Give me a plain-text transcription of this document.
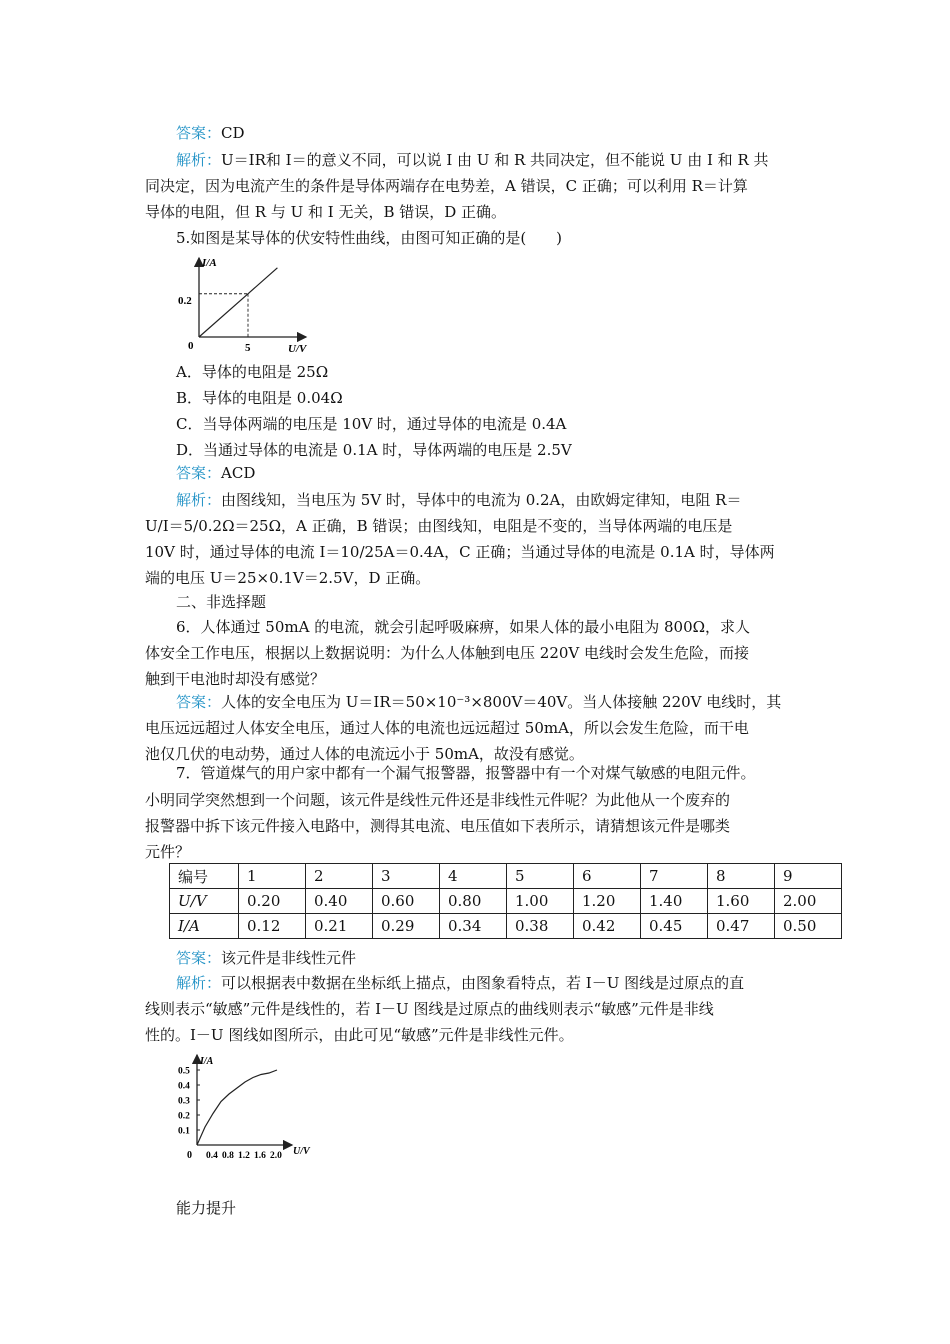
答案：CD
解析：U＝IR和 I＝的意义不同，可以说 I 由 U 和 R 共同决定，但不能说 U 由 I 和 R 共
同决定，因为电流产生的条件是导体两端存在电势差，A 错误，C 正确；可以利用 R＝计算
导体的电阻，但 R 与 U 和 I 无关，B 错误，D 正确。
5.如图是某导体的伏安特性曲线，由图可知正确的是(　　)
I/A
U/V
0
0.2
5
A．导体的电阻是 25Ω
B．导体的电阻是 0.04Ω
C．当导体两端的电压是 10V 时，通过导体的电流是 0.4A
D．当通过导体的电流是 0.1A 时，导体两端的电压是 2.5V
答案：ACD
解析：由图线知，当电压为 5V 时，导体中的电流为 0.2A，由欧姆定律知，电阻 R＝
U/I＝5/0.2Ω＝25Ω，A 正确，B 错误；由图线知，电阻是不变的，当导体两端的电压是
10V 时，通过导体的电流 I＝10/25A＝0.4A，C 正确；当通过导体的电流是 0.1A 时，导体两
端的电压 U＝25×0.1V＝2.5V，D 正确。
二、非选择题
6．人体通过 50mA 的电流，就会引起呼吸麻痹，如果人体的最小电阻为 800Ω，求人
体安全工作电压，根据以上数据说明：为什么人体触到电压 220V 电线时会发生危险，而接
触到干电池时却没有感觉？
答案：人体的安全电压为 U＝IR＝50×10⁻³×800V＝40V。当人体接触 220V 电线时，其
电压远远超过人体安全电压，通过人体的电流也远远超过 50mA，所以会发生危险，而干电
池仅几伏的电动势，通过人体的电流远小于 50mA，故没有感觉。
7．管道煤气的用户家中都有一个漏气报警器，报警器中有一个对煤气敏感的电阻元件。
小明同学突然想到一个问题，该元件是线性元件还是非线性元件呢？为此他从一个废弃的
报警器中拆下该元件接入电路中，测得其电流、电压值如下表所示，请猜想该元件是哪类
元件？
编号	1	2	3	4	5	6	7	8	9
U/V	0.20	0.40	0.60	0.80	1.00	1.20	1.40	1.60	2.00
I/A	0.12	0.21	0.29	0.34	0.38	0.42	0.45	0.47	0.50
答案：该元件是非线性元件
解析：可以根据表中数据在坐标纸上描点，由图象看特点，若 I－U 图线是过原点的直
线则表示“敏感”元件是线性的，若 I－U 图线是过原点的曲线则表示“敏感”元件是非线
性的。I－U 图线如图所示，由此可见“敏感”元件是非线性元件。
0.1
0.2
0.3
0.4
0.5
0.4 0.8 1.2 1.6 2.0
I/A
U/V
0
能力提升
